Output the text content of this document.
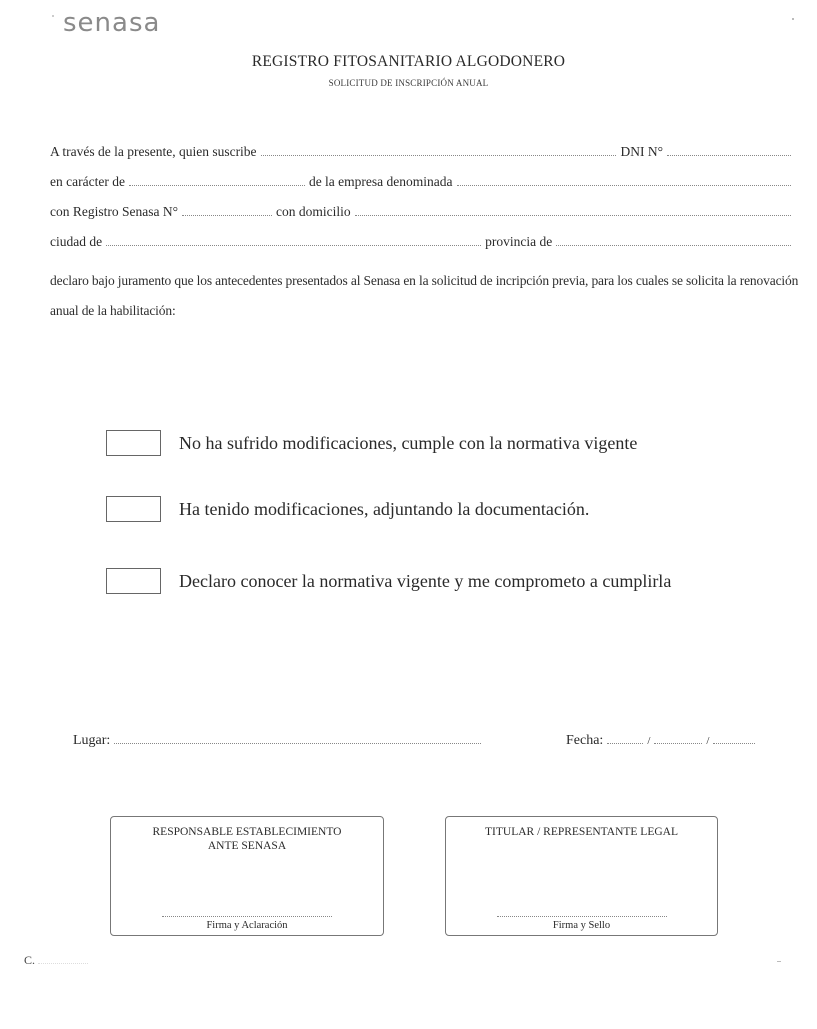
senasa
REGISTRO FITOSANITARIO ALGODONERO
SOLICITUD DE INSCRIPCIÓN ANUAL
A través de la presente, quien suscribe	DNI N°
en carácter de	de la empresa denominada
con Registro Senasa N°	con domicilio
ciudad de	provincia de
declaro bajo juramento que los antecedentes presentados al Senasa en la solicitud de incripción previa, para los cuales se solicita la renovación anual de la habilitación:
No ha sufrido modificaciones, cumple con la normativa vigente
Ha tenido modificaciones, adjuntando la documentación.
Declaro conocer la normativa vigente y me comprometo a cumplirla
Lugar:	Fecha:	/	/
RESPONSABLE ESTABLECIMIENTO
ANTE SENASA
Firma y Aclaración
TITULAR / REPRESENTANTE LEGAL
Firma y Sello
C.
